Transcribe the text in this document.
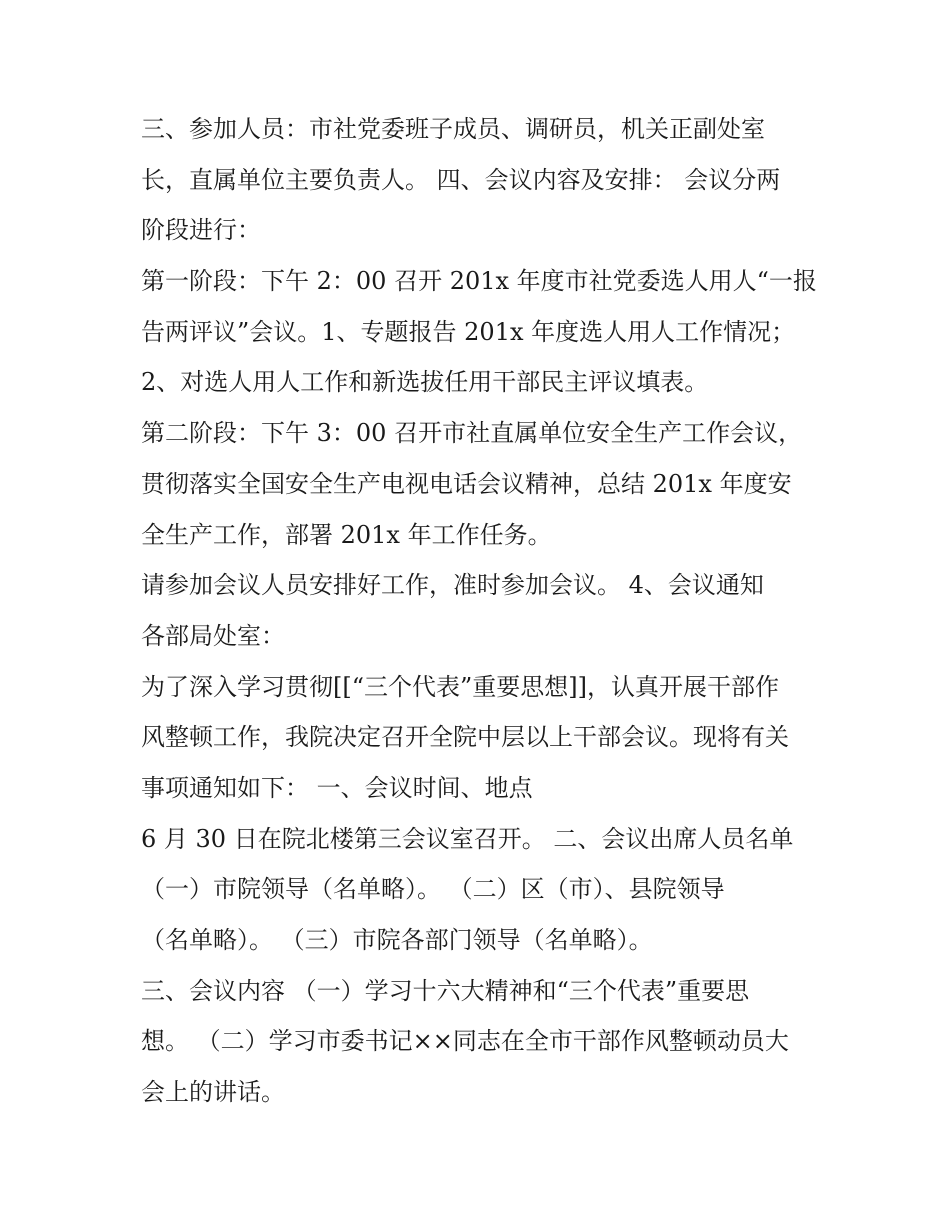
三、参加人员：市社党委班子成员、调研员，机关正副处室
长，直属单位主要负责人。 四、会议内容及安排： 会议分两
阶段进行：
第一阶段：下午 2：00 召开 201x 年度市社党委选人用人“一报
告两评议”会议。1、专题报告 201x 年度选人用人工作情况；
2、对选人用人工作和新选拔任用干部民主评议填表。
第二阶段：下午 3：00 召开市社直属单位安全生产工作会议，
贯彻落实全国安全生产电视电话会议精神，总结 201x 年度安
全生产工作，部署 201x 年工作任务。
请参加会议人员安排好工作，准时参加会议。 4、会议通知
各部局处室：
为了深入学习贯彻[[“三个代表”重要思想]]，认真开展干部作
风整顿工作，我院决定召开全院中层以上干部会议。现将有关
事项通知如下： 一、会议时间、地点
6 月 30 日在院北楼第三会议室召开。 二、会议出席人员名单
（一）市院领导（名单略）。 （二）区（市）、县院领导
（名单略）。 （三）市院各部门领导（名单略）。
三、会议内容 （一）学习十六大精神和“三个代表”重要思
想。 （二）学习市委书记××同志在全市干部作风整顿动员大
会上的讲话。
